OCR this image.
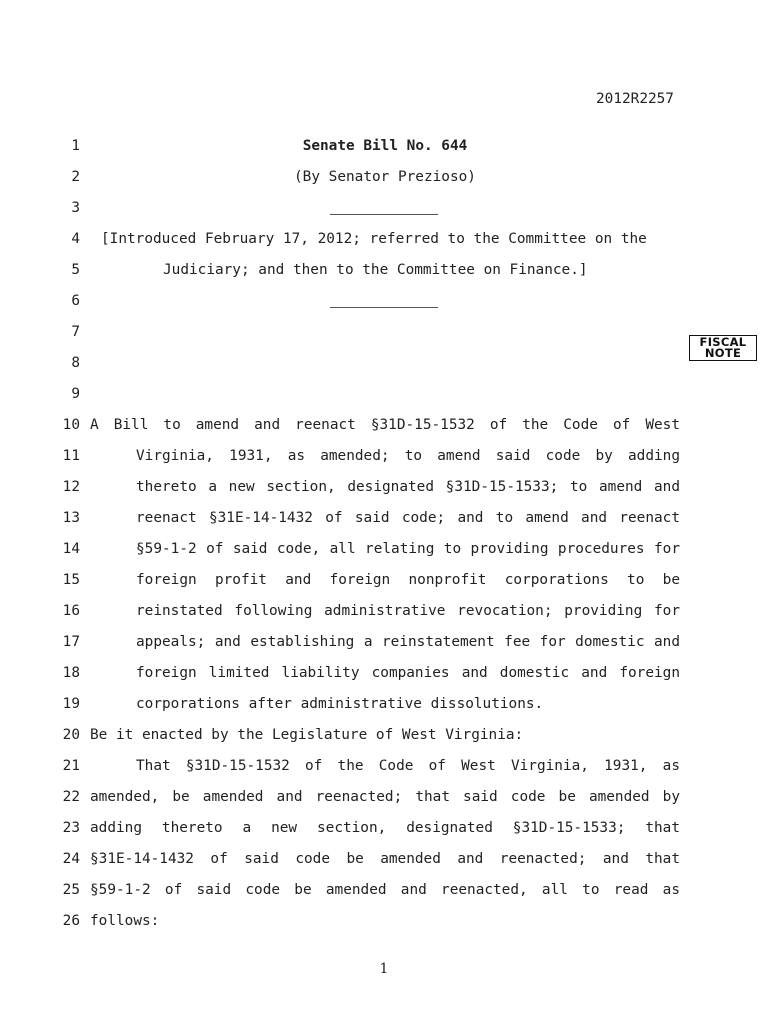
2012R2257
1
2
3
4
5
6
7
8
9
10
11
12
13
14
15
16
17
18
19
20
21
22
23
24
25
26
Senate Bill No. 644
(By Senator Prezioso)
[Introduced February 17, 2012; referred to the Committee on the
Judiciary; and then to the Committee on Finance.]
FISCAL
NOTE
A Bill to amend and reenact §31D-15-1532 of the Code of West
Virginia, 1931, as amended; to amend said code by adding
thereto a new section, designated §31D-15-1533; to amend and
reenact §31E-14-1432 of said code; and to amend and reenact
§59-1-2 of said code, all relating to providing procedures for
foreign profit and foreign nonprofit corporations to be
reinstated following administrative revocation; providing for
appeals; and establishing a reinstatement fee for domestic and
foreign limited liability companies and domestic and foreign
corporations after administrative dissolutions.
Be it enacted by the Legislature of West Virginia:
That §31D-15-1532 of the Code of West Virginia, 1931, as
amended, be amended and reenacted; that said code be amended by
adding thereto a new section, designated §31D-15-1533; that
§31E-14-1432 of said code be amended and reenacted; and that
§59-1-2 of said code be amended and reenacted, all to read as
follows:
1
